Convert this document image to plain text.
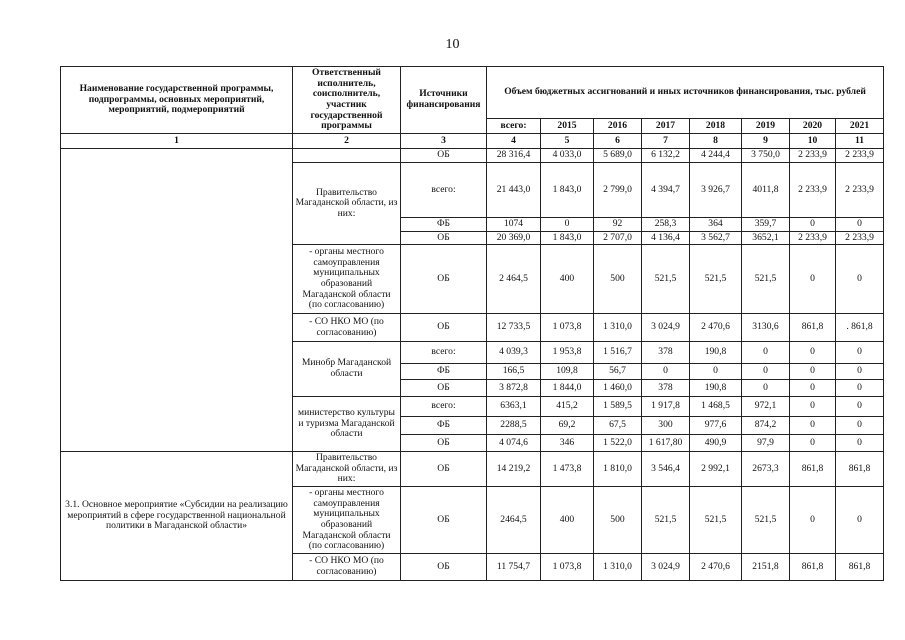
10
Наименование государственной программы, подпрограммы, основных мероприятий, мероприятий, подмероприятий	Ответственный исполнитель, соисполнитель, участник государственной программы	Источники финансирования	Объем бюджетных ассигнований и иных источников финансирования, тыс. рублей							
			всего:	2015	2016	2017	2018	2019	2020	2021
1	2	3	4	5	6	7	8	9	10	11
		ОБ	28 316,4	4 033,0	5 689,0	6 132,2	4 244,4	3 750,0	2 233,9	2 233,9
	Правительство Магаданской области, из них:	всего:	21 443,0	1 843,0	2 799,0	4 394,7	3 926,7	4011,8	2 233,9	2 233,9
		ФБ	1074	0	92	258,3	364	359,7	0	0
		ОБ	20 369,0	1 843,0	2 707,0	4 136,4	3 562,7	3652,1	2 233,9	2 233,9
	- органы местного самоуправления муниципальных образований Магаданской области (по согласованию)	ОБ	2 464,5	400	500	521,5	521,5	521,5	0	0
	- СО НКО МО (по согласованию)	ОБ	12 733,5	1 073,8	1 310,0	3 024,9	2 470,6	3130,6	861,8	. 861,8
	Минобр Магаданской области	всего:	4 039,3	1 953,8	1 516,7	378	190,8	0	0	0
		ФБ	166,5	109,8	56,7	0	0	0	0	0
		ОБ	3 872,8	1 844,0	1 460,0	378	190,8	0	0	0
	министерство культуры и туризма Магаданской области	всего:	6363,1	415,2	1 589,5	1 917,8	1 468,5	972,1	0	0
		ФБ	2288,5	69,2	67,5	300	977,6	874,2	0	0
		ОБ	4 074,6	346	1 522,0	1 617,80	490,9	97,9	0	0
3.1. Основное мероприятие «Субсидии на реализацию мероприятий в сфере государственной национальной политики в Магаданской области»	Правительство Магаданской области, из них:	ОБ	14 219,2	1 473,8	1 810,0	3 546,4	2 992,1	2673,3	861,8	861,8
	- органы местного самоуправления муниципальных образований Магаданской области (по согласованию)	ОБ	2464,5	400	500	521,5	521,5	521,5	0	0
	- СО НКО МО (по согласованию)	ОБ	11 754,7	1 073,8	1 310,0	3 024,9	2 470,6	2151,8	861,8	861,8
